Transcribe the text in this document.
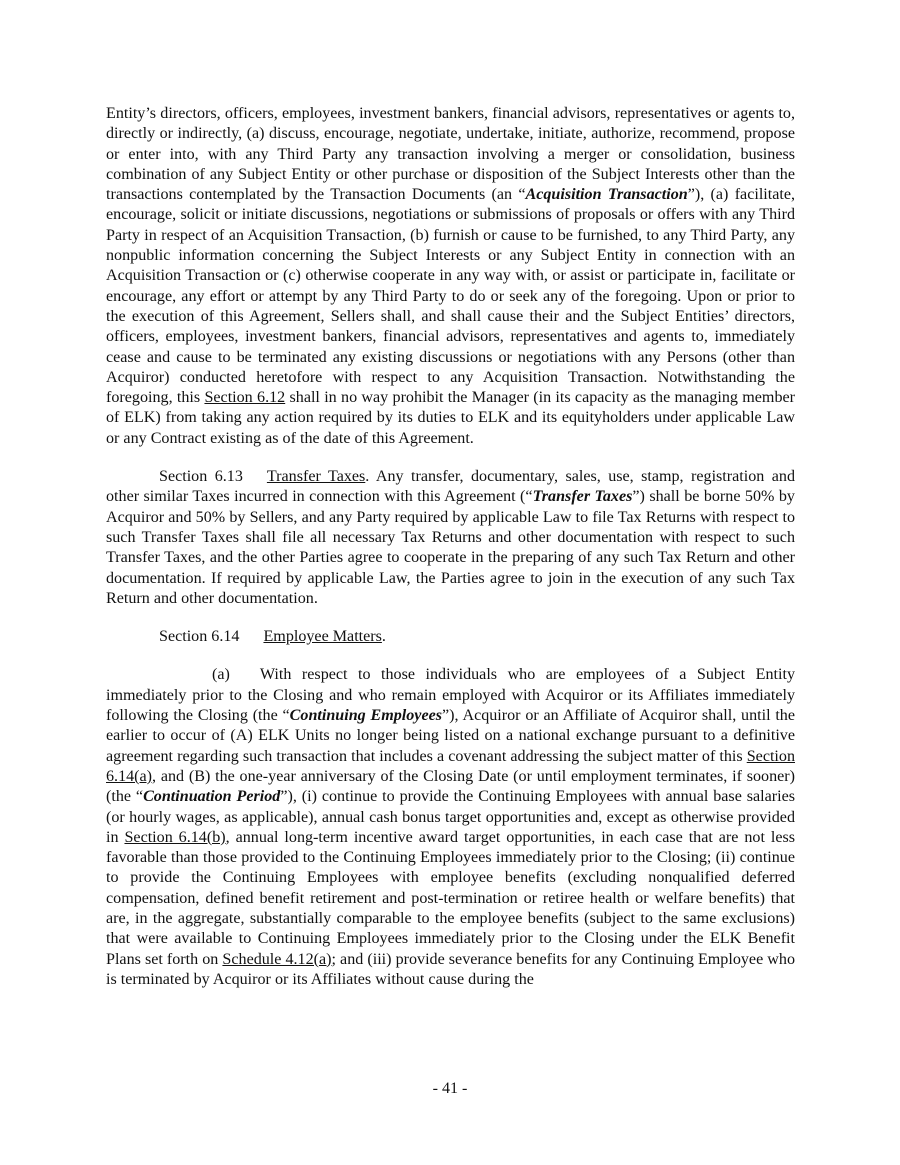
Entity’s directors, officers, employees, investment bankers, financial advisors, representatives or agents to, directly or indirectly, (a) discuss, encourage, negotiate, undertake, initiate, authorize, recommend, propose or enter into, with any Third Party any transaction involving a merger or consolidation, business combination of any Subject Entity or other purchase or disposition of the Subject Interests other than the transactions contemplated by the Transaction Documents (an “Acquisition Transaction”), (a) facilitate, encourage, solicit or initiate discussions, negotiations or submissions of proposals or offers with any Third Party in respect of an Acquisition Transaction, (b) furnish or cause to be furnished, to any Third Party, any nonpublic information concerning the Subject Interests or any Subject Entity in connection with an Acquisition Transaction or (c) otherwise cooperate in any way with, or assist or participate in, facilitate or encourage, any effort or attempt by any Third Party to do or seek any of the foregoing. Upon or prior to the execution of this Agreement, Sellers shall, and shall cause their and the Subject Entities’ directors, officers, employees, investment bankers, financial advisors, representatives and agents to, immediately cease and cause to be terminated any existing discussions or negotiations with any Persons (other than Acquiror) conducted heretofore with respect to any Acquisition Transaction. Notwithstanding the foregoing, this Section 6.12 shall in no way prohibit the Manager (in its capacity as the managing member of ELK) from taking any action required by its duties to ELK and its equityholders under applicable Law or any Contract existing as of the date of this Agreement.

Section 6.13 Transfer Taxes. Any transfer, documentary, sales, use, stamp, registration and other similar Taxes incurred in connection with this Agreement (“Transfer Taxes”) shall be borne 50% by Acquiror and 50% by Sellers, and any Party required by applicable Law to file Tax Returns with respect to such Transfer Taxes shall file all necessary Tax Returns and other documentation with respect to such Transfer Taxes, and the other Parties agree to cooperate in the preparing of any such Tax Return and other documentation. If required by applicable Law, the Parties agree to join in the execution of any such Tax Return and other documentation.

Section 6.14 Employee Matters.

(a) With respect to those individuals who are employees of a Subject Entity immediately prior to the Closing and who remain employed with Acquiror or its Affiliates immediately following the Closing (the “Continuing Employees”), Acquiror or an Affiliate of Acquiror shall, until the earlier to occur of (A) ELK Units no longer being listed on a national exchange pursuant to a definitive agreement regarding such transaction that includes a covenant addressing the subject matter of this Section 6.14(a), and (B) the one-year anniversary of the Closing Date (or until employment terminates, if sooner) (the “Continuation Period”), (i) continue to provide the Continuing Employees with annual base salaries (or hourly wages, as applicable), annual cash bonus target opportunities and, except as otherwise provided in Section 6.14(b), annual long-term incentive award target opportunities, in each case that are not less favorable than those provided to the Continuing Employees immediately prior to the Closing; (ii) continue to provide the Continuing Employees with employee benefits (excluding nonqualified deferred compensation, defined benefit retirement and post-termination or retiree health or welfare benefits) that are, in the aggregate, substantially comparable to the employee benefits (subject to the same exclusions) that were available to Continuing Employees immediately prior to the Closing under the ELK Benefit Plans set forth on Schedule 4.12(a); and (iii) provide severance benefits for any Continuing Employee who is terminated by Acquiror or its Affiliates without cause during the

- 41 -
